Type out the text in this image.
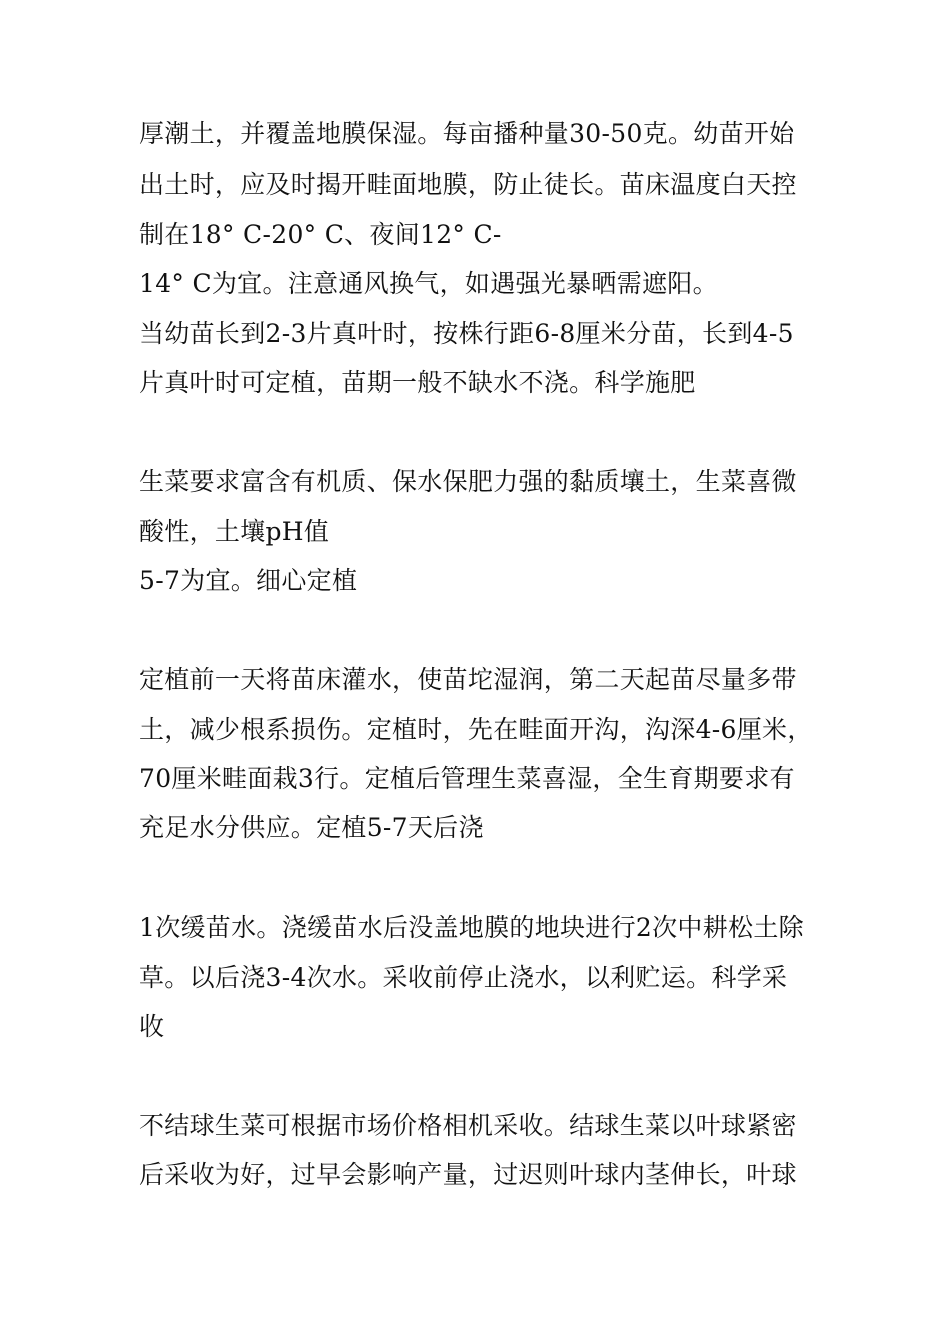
厚潮土，并覆盖地膜保湿。每亩播种量30-50克。幼苗开始
出土时，应及时揭开畦面地膜，防止徒长。苗床温度白天控
制在18° C-20° C、夜间12° C-
14° C为宜。注意通风换气，如遇强光暴晒需遮阳。
当幼苗长到2-3片真叶时，按株行距6-8厘米分苗，长到4-5
片真叶时可定植，苗期一般不缺水不浇。科学施肥
生菜要求富含有机质、保水保肥力强的黏质壤土，生菜喜微
酸性，土壤pH值
5-7为宜。细心定植
定植前一天将苗床灌水，使苗坨湿润，第二天起苗尽量多带
土，减少根系损伤。定植时，先在畦面开沟，沟深4-6厘米，
70厘米畦面栽3行。定植后管理生菜喜湿，全生育期要求有
充足水分供应。定植5-7天后浇
1次缓苗水。浇缓苗水后没盖地膜的地块进行2次中耕松土除
草。以后浇3-4次水。采收前停止浇水，以利贮运。科学采
收
不结球生菜可根据市场价格相机采收。结球生菜以叶球紧密
后采收为好，过早会影响产量，过迟则叶球内茎伸长，叶球
